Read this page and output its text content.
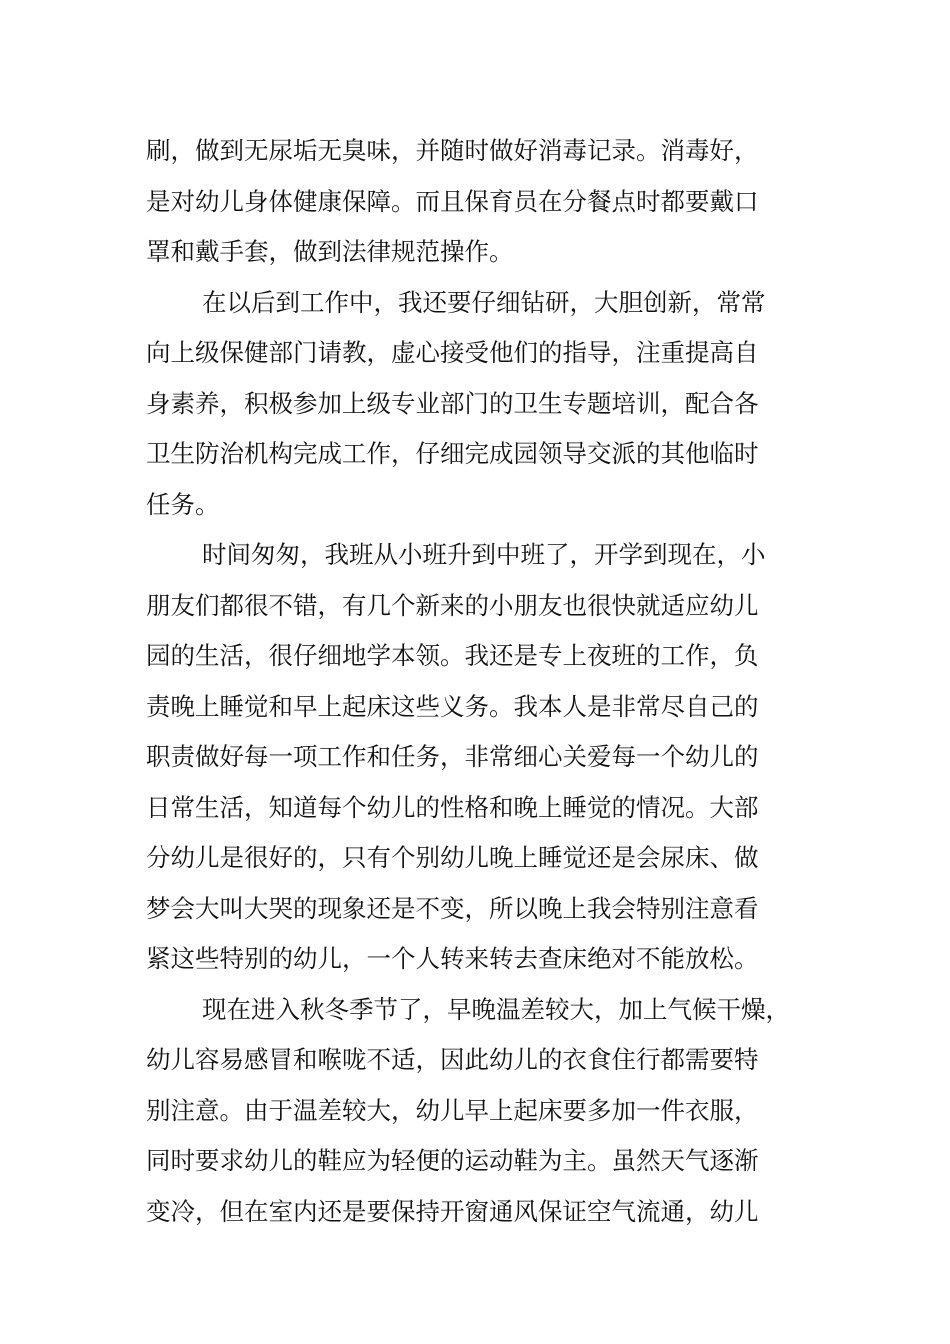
刷，做到无尿垢无臭味，并随时做好消毒记录。消毒好，
是对幼儿身体健康保障。而且保育员在分餐点时都要戴口
罩和戴手套，做到法律规范操作。
在以后到工作中，我还要仔细钻研，大胆创新，常常
向上级保健部门请教，虚心接受他们的指导，注重提高自
身素养，积极参加上级专业部门的卫生专题培训，配合各
卫生防治机构完成工作，仔细完成园领导交派的其他临时
任务。
时间匆匆，我班从小班升到中班了，开学到现在，小
朋友们都很不错，有几个新来的小朋友也很快就适应幼儿
园的生活，很仔细地学本领。我还是专上夜班的工作，负
责晚上睡觉和早上起床这些义务。我本人是非常尽自己的
职责做好每一项工作和任务，非常细心关爱每一个幼儿的
日常生活，知道每个幼儿的性格和晚上睡觉的情况。大部
分幼儿是很好的，只有个别幼儿晚上睡觉还是会尿床、做
梦会大叫大哭的现象还是不变，所以晚上我会特别注意看
紧这些特别的幼儿，一个人转来转去查床绝对不能放松。
现在进入秋冬季节了，早晚温差较大，加上气候干燥，
幼儿容易感冒和喉咙不适，因此幼儿的衣食住行都需要特
别注意。由于温差较大，幼儿早上起床要多加一件衣服，
同时要求幼儿的鞋应为轻便的运动鞋为主。虽然天气逐渐
变冷，但在室内还是要保持开窗通风保证空气流通，幼儿
